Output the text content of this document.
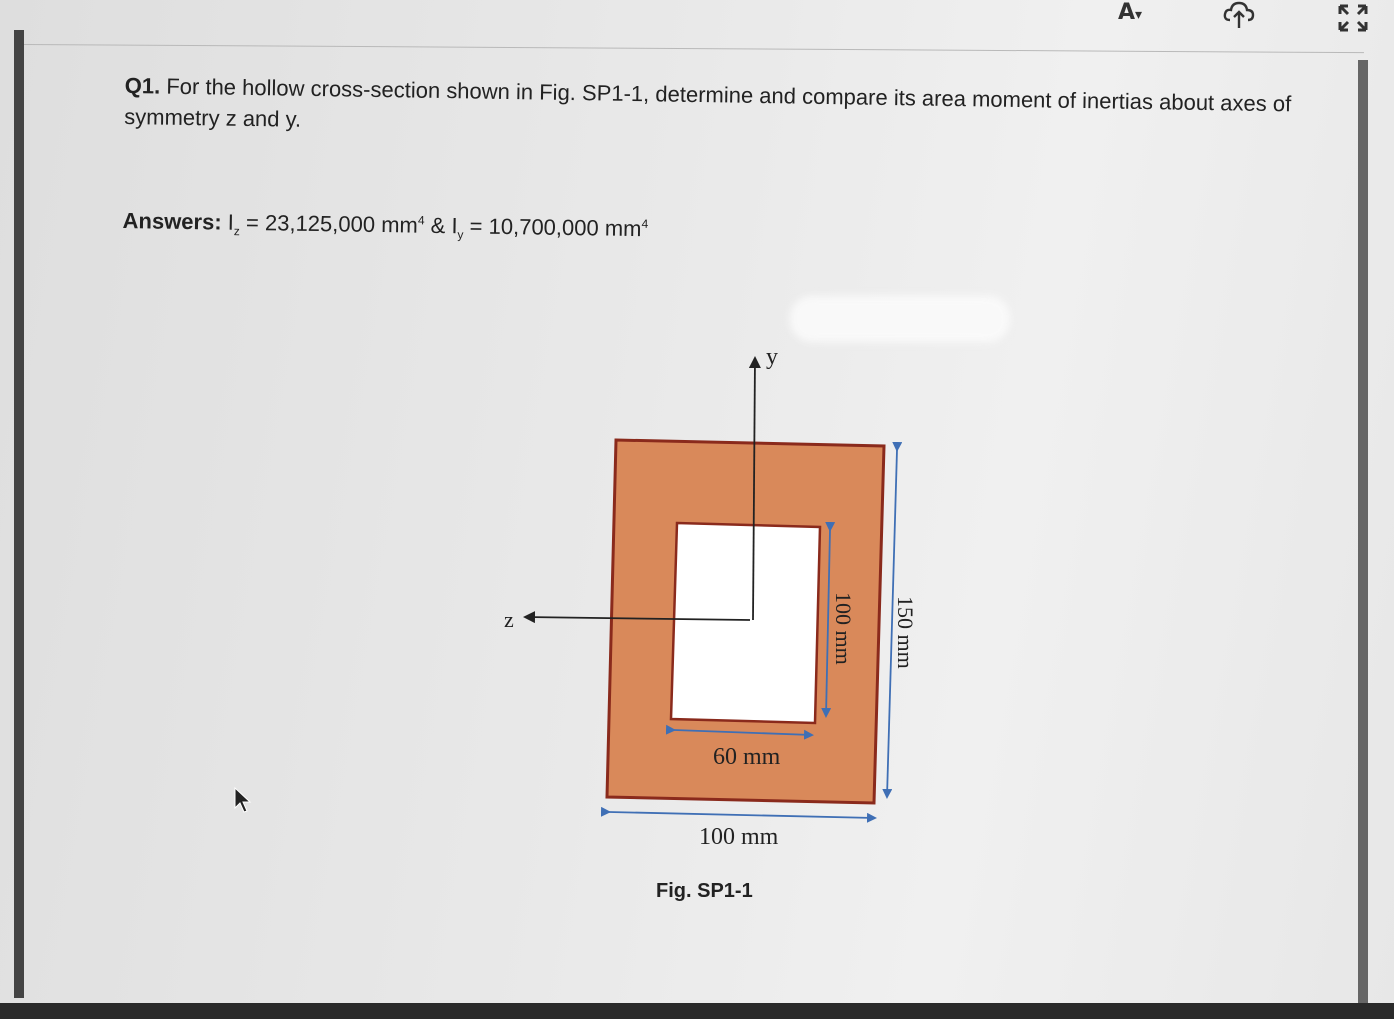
A▾

Q1. For the hollow cross-section shown in Fig. SP1-1, determine and compare its area moment of inertias about axes of symmetry z and y.

Answers: $I_z = 23,125,000$ $mm^4$ & $I_y = 10,700,000$ $mm^4$
y
z	100 mm 150 mm
60 mm
100 mm
Fig. SP1-1
